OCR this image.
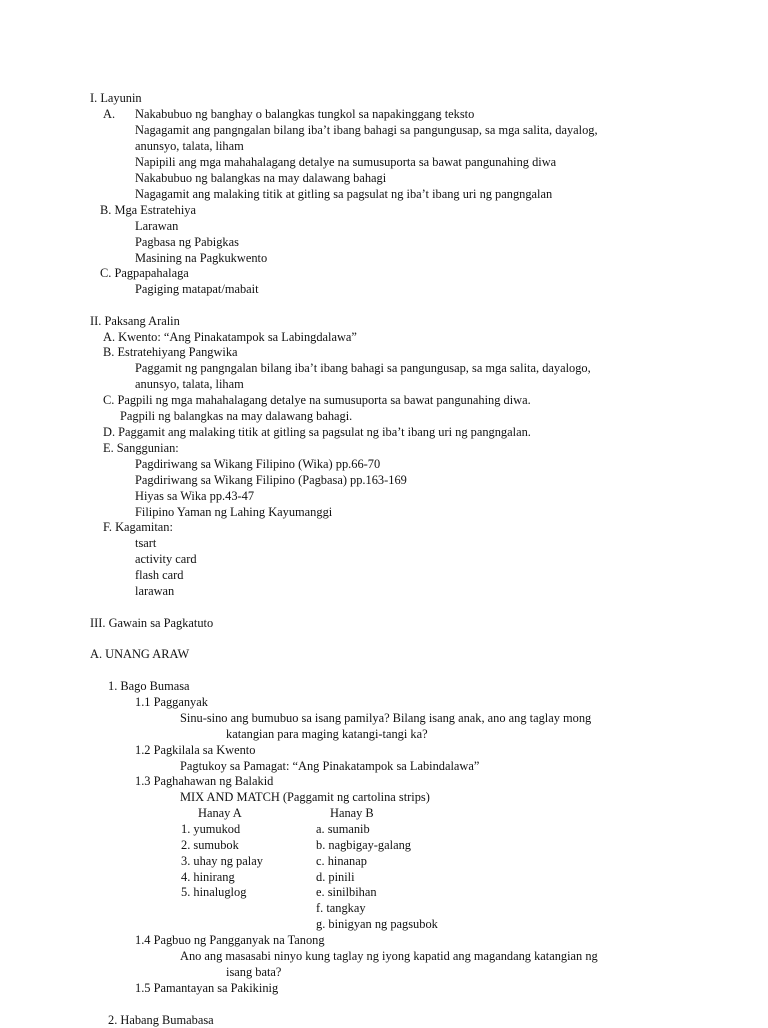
I. Layunin
A. Nakabubuo ng banghay o balangkas tungkol sa napakinggang teksto
Nagagamit ang pangngalan bilang iba’t ibang bahagi sa pangungusap, sa mga salita, dayalog,
anunsyo, talata, liham
Napipili ang mga mahahalagang detalye na sumusuporta sa bawat pangunahing diwa
Nakabubuo ng balangkas na may dalawang bahagi
Nagagamit ang malaking titik at gitling sa pagsulat ng iba’t ibang uri ng pangngalan
B. Mga Estratehiya
Larawan
Pagbasa ng Pabigkas
Masining na Pagkukwento
C. Pagpapahalaga
Pagiging matapat/mabait
II. Paksang Aralin
A. Kwento: “Ang Pinakatampok sa Labingdalawa”
B. Estratehiyang Pangwika
Paggamit ng pangngalan bilang iba’t ibang bahagi sa pangungusap, sa mga salita, dayalogo,
anunsyo, talata, liham
C. Pagpili ng mga mahahalagang detalye na sumusuporta sa bawat pangunahing diwa.
Pagpili ng balangkas na may dalawang bahagi.
D. Paggamit ang malaking titik at gitling sa pagsulat ng iba’t ibang uri ng pangngalan.
E. Sanggunian:
Pagdiriwang sa Wikang Filipino (Wika) pp.66-70
Pagdiriwang sa Wikang Filipino (Pagbasa) pp.163-169
Hiyas sa Wika pp.43-47
Filipino Yaman ng Lahing Kayumanggi
F. Kagamitan:
tsart
activity card
flash card
larawan
III. Gawain sa Pagkatuto
A. UNANG ARAW
1. Bago Bumasa
1.1 Pagganyak
Sinu-sino ang bumubuo sa isang pamilya? Bilang isang anak, ano ang taglay mong
katangian para maging katangi-tangi ka?
1.2 Pagkilala sa Kwento
Pagtukoy sa Pamagat: “Ang Pinakatampok sa Labindalawa”
1.3 Paghahawan ng Balakid
MIX AND MATCH (Paggamit ng cartolina strips)
Hanay A	Hanay B
1. yumukod
2. sumubok
3. uhay ng palay
4. hinirang
5. hinaluglog
a. sumanib
b. nagbigay-galang
c. hinanap
d. pinili
e. sinilbihan
f. tangkay
g. binigyan ng pagsubok
1.4 Pagbuo ng Pangganyak na Tanong
Ano ang masasabi ninyo kung taglay ng iyong kapatid ang magandang katangian ng
isang bata?
1.5 Pamantayan sa Pakikinig
2. Habang Bumabasa
